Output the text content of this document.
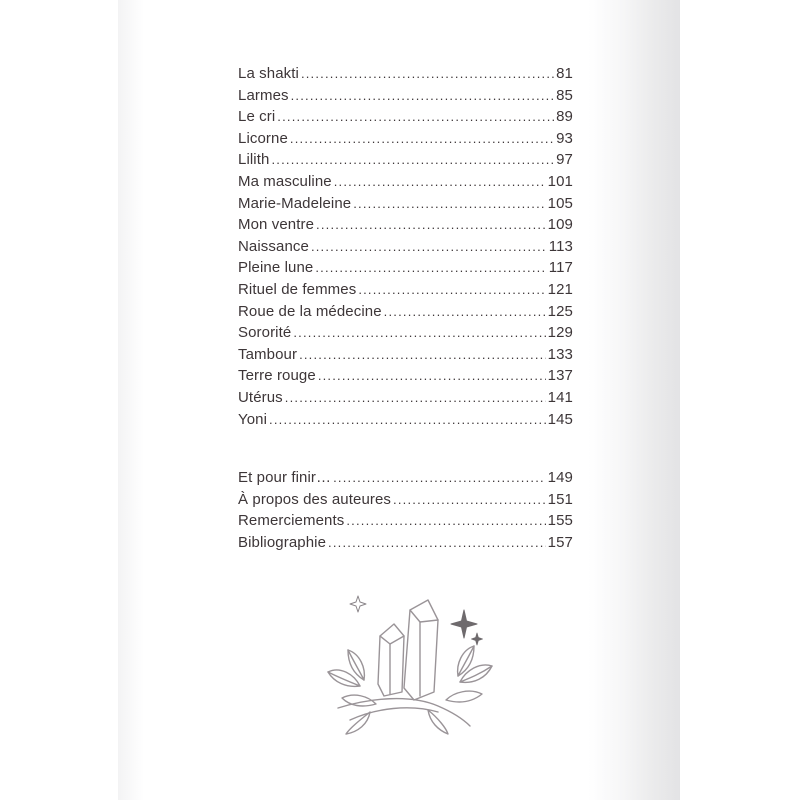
La shakti .....	81
Larmes .....	85
Le cri .....	89
Licorne .....	93
Lilith .....	97
Ma masculine .....	101
Marie-Madeleine .....	105
Mon ventre .....	109
Naissance .....	113
Pleine lune .....	117
Rituel de femmes .....	121
Roue de la médecine .....	125
Sororité .....	129
Tambour .....	133
Terre rouge .....	137
Utérus .....	141
Yoni .....	145
Et pour finir… .....	149
À propos des auteures .....	151
Remerciements .....	155
Bibliographie .....	157
